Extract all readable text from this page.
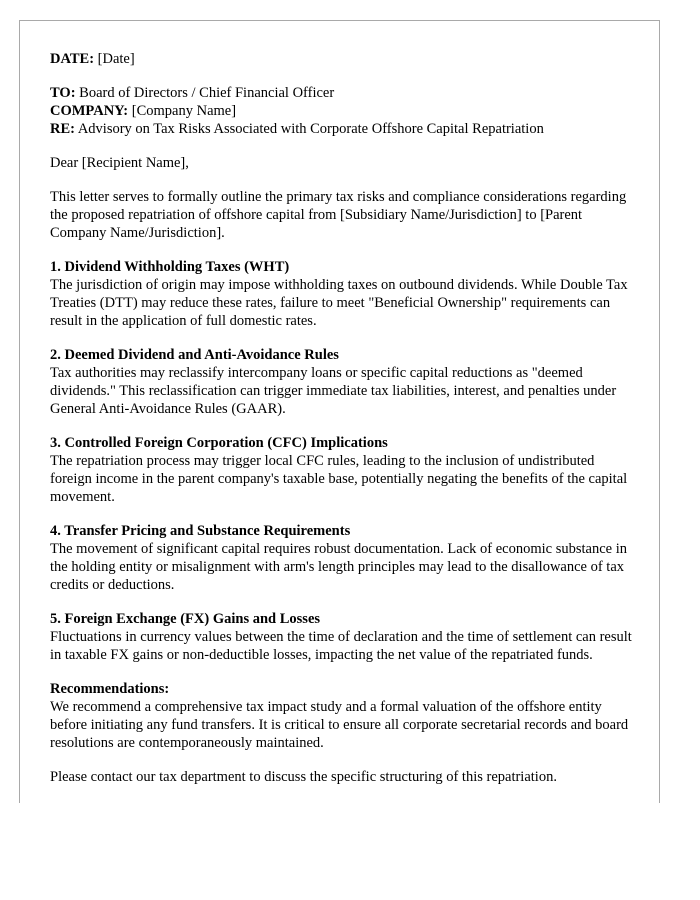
DATE: [Date]

TO: Board of Directors / Chief Financial Officer

COMPANY: [Company Name]

RE: Advisory on Tax Risks Associated with Corporate Offshore Capital Repatriation

Dear [Recipient Name],

This letter serves to formally outline the primary tax risks and compliance considerations regarding the proposed repatriation of offshore capital from [Subsidiary Name/Jurisdiction] to [Parent Company Name/Jurisdiction].

1. Dividend Withholding Taxes (WHT)

The jurisdiction of origin may impose withholding taxes on outbound dividends. While Double Tax Treaties (DTT) may reduce these rates, failure to meet "Beneficial Ownership" requirements can result in the application of full domestic rates.

2. Deemed Dividend and Anti-Avoidance Rules

Tax authorities may reclassify intercompany loans or specific capital reductions as "deemed dividends." This reclassification can trigger immediate tax liabilities, interest, and penalties under General Anti-Avoidance Rules (GAAR).

3. Controlled Foreign Corporation (CFC) Implications

The repatriation process may trigger local CFC rules, leading to the inclusion of undistributed foreign income in the parent company's taxable base, potentially negating the benefits of the capital movement.

4. Transfer Pricing and Substance Requirements

The movement of significant capital requires robust documentation. Lack of economic substance in the holding entity or misalignment with arm's length principles may lead to the disallowance of tax credits or deductions.

5. Foreign Exchange (FX) Gains and Losses

Fluctuations in currency values between the time of declaration and the time of settlement can result in taxable FX gains or non-deductible losses, impacting the net value of the repatriated funds.

Recommendations:

We recommend a comprehensive tax impact study and a formal valuation of the offshore entity before initiating any fund transfers. It is critical to ensure all corporate secretarial records and board resolutions are contemporaneously maintained.

Please contact our tax department to discuss the specific structuring of this repatriation.
